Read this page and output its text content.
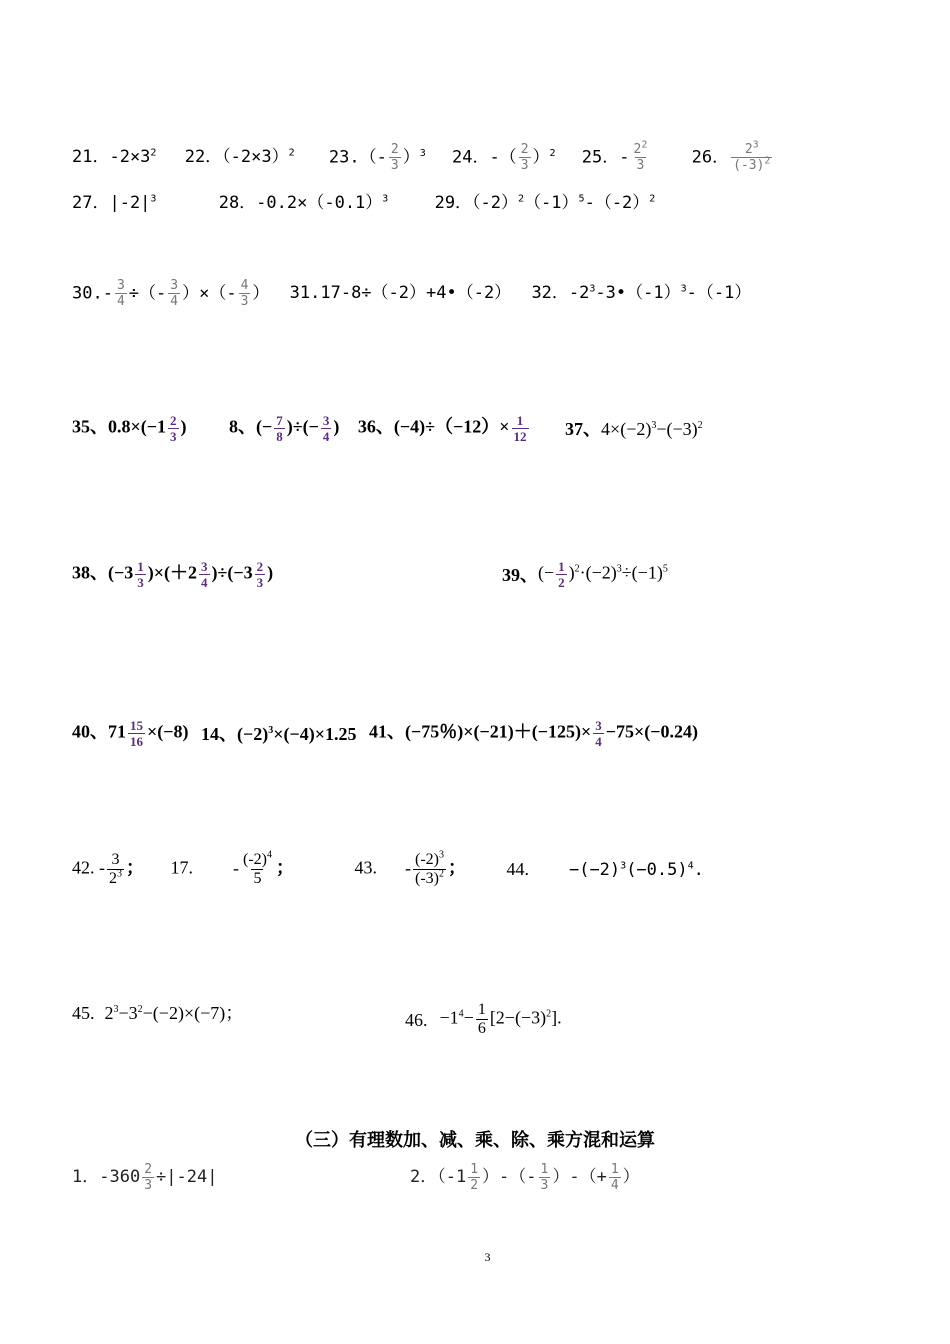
21．$-2\times 3^2$ 22．$(-2\times 3)^2$ $23.(- \frac{2}{3} )^3$ 24．-（ $\frac{2}{3} )^2$ 25．- $\frac{2^2}{3} 26$． $\frac{2^3}{(-3)^2}$
27．$|-2|^3$	28．$-0.2\times(-0.1)^3$	29．$(-2)^2(-1)^5-(-2)^2$
$30.- \frac{3}{4}$ ÷（- $\frac{3}{4}$ ）×（- $\frac{4}{3}$ ） 31.17-8÷（-2）+4•（-2） 32．$-2^3-3•(-1)^3-(-1)$
35、$0.8\times(-1 \frac{2}{3}$ ) 8、(− $\frac{7}{8}$ )÷(− $\frac{3}{4}$ ) 36、$(-4)\div(-12)\times \frac{1}{12} 37$、$4\times(-2)^3-(-3)^2$
38、$(-3 \frac{1}{3} )\times(+2 \frac{3}{4} )\div(-3 \frac{2}{3}$ )	39、(− $\frac{1}{2} )^2\cdot(-2)^3\div(-1)^5$
40、$71 \frac{15}{16} \times(-8)$ 14、$(-2)^3\times(-4)\times 1.25$ 41、(−75％)$\times(-21)+(-125)\times \frac{3}{4} -75\times(-0.24)$
42. - $\frac{3}{2^3}$ ； 17. - $\frac{(-2)^4}{5}$ ；	43. - $\frac{(-2)^3}{(-3)^2}$ ； 44. $-(-2)^3(-0.5)^4$.
45. $2^3-3^2-(-2)\times(-7)$；	46. $-1^4- \frac{1}{6} [2-(-3)^2]$.
（三）有理数加、减、乘、除、乘方混和运算
1．$-360 \frac{2}{3} \div|-24|$	2．（$-1 \frac{1}{2}$ ）-（- $\frac{1}{3}$ ）-（+ $\frac{1}{4}$ ）
3
